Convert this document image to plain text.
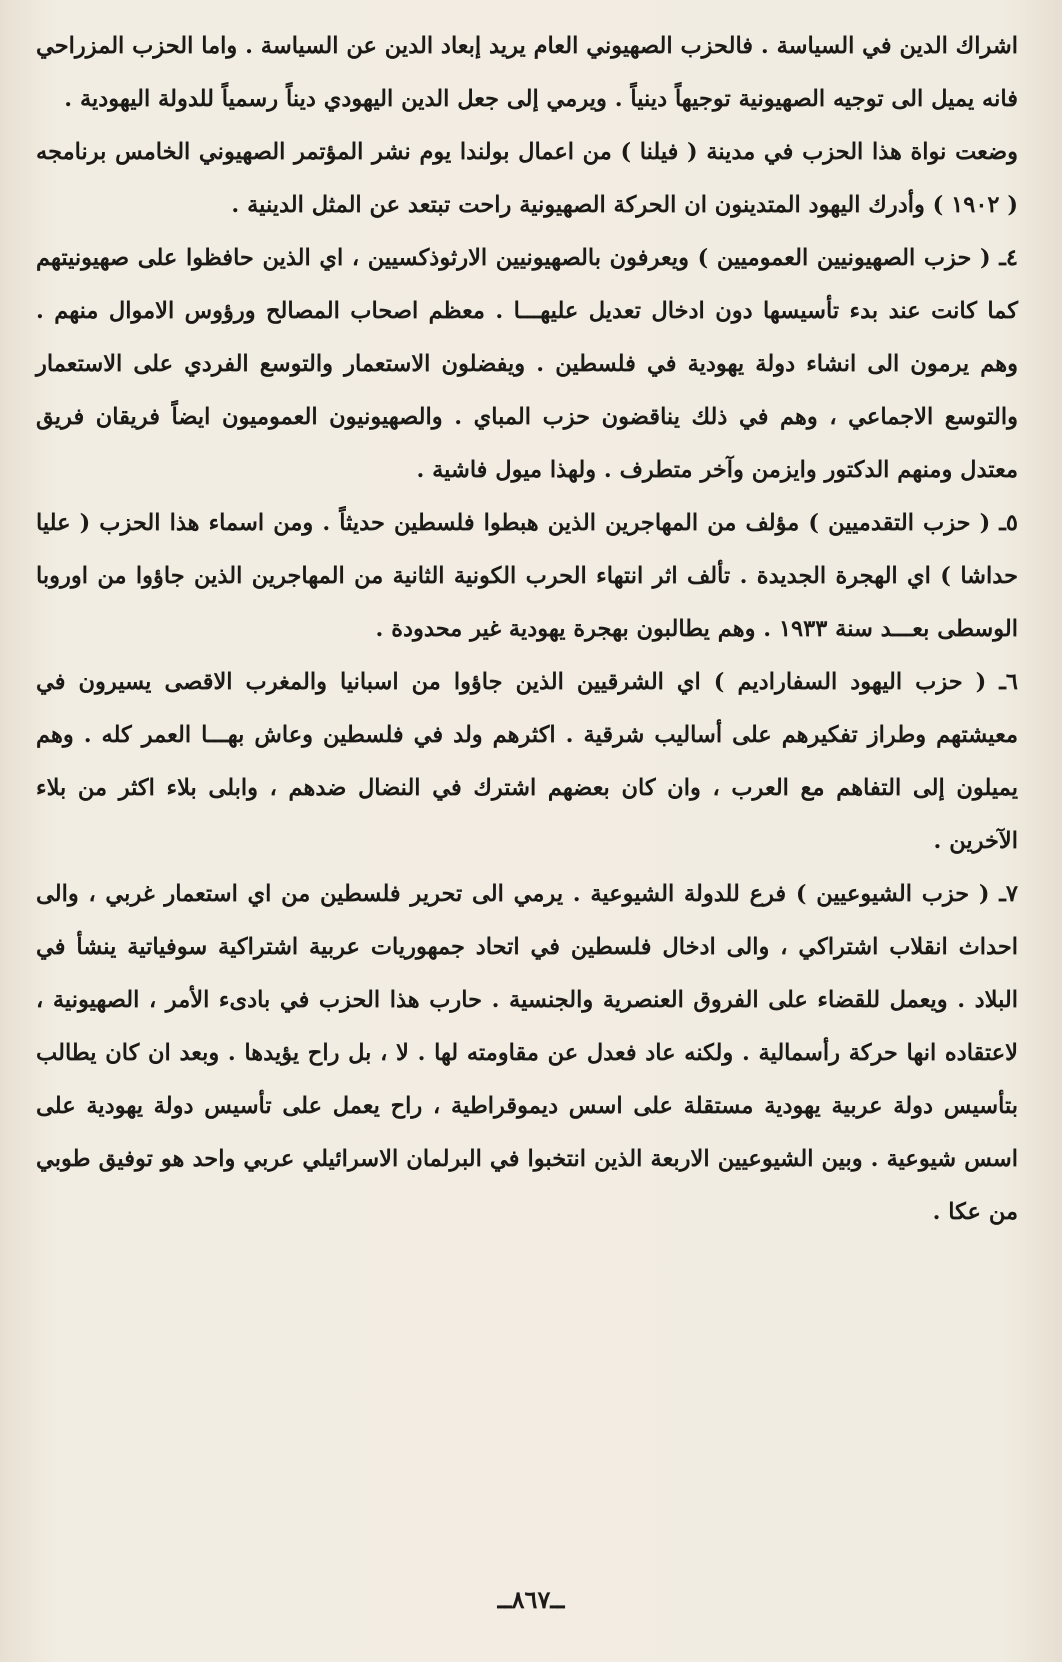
اشراك الدين في السياسة . فالحزب الصهيوني العام يريد إبعاد الدين عن السياسة . واما الحزب المزراحي فانه يميل الى توجيه الصهيونية توجيهاً دينياً . ويرمي إلى جعل الدين اليهودي ديناً رسمياً للدولة اليهودية .

وضعت نواة هذا الحزب في مدينة ( فيلنا ) من اعمال بولندا يوم نشر المؤتمر الصهيوني الخامس برنامجه ( ١٩٠٢ ) وأدرك اليهود المتدينون ان الحركة الصهيونية راحت تبتعد عن المثل الدينية .

٤ـ ( حزب الصهيونيين العموميين ) ويعرفون بالصهيونيين الارثوذكسيين ، اي الذين حافظوا على صهيونيتهم كما كانت عند بدء تأسيسها دون ادخال تعديل عليهـــا . معظم اصحاب المصالح ورؤوس الاموال منهم . وهم يرمون الى انشاء دولة يهودية في فلسطين . ويفضلون الاستعمار والتوسع الفردي على الاستعمار والتوسع الاجماعي ، وهم في ذلك يناقضون حزب المباي . والصهيونيون العموميون ايضاً فريقان فريق معتدل ومنهم الدكتور وايزمن وآخر متطرف . ولهذا ميول فاشية .

٥ـ ( حزب التقدميين ) مؤلف من المهاجرين الذين هبطوا فلسطين حديثاً . ومن اسماء هذا الحزب ( عليا حداشا ) اي الهجرة الجديدة . تألف اثر انتهاء الحرب الكونية الثانية من المهاجرين الذين جاؤوا من اوروبا الوسطى بعـــد سنة ١٩٣٣ . وهم يطالبون بهجرة يهودية غير محدودة .

٦ـ ( حزب اليهود السفاراديم ) اي الشرقيين الذين جاؤوا من اسبانيا والمغرب الاقصى يسيرون في معيشتهم وطراز تفكيرهم على أساليب شرقية . اكثرهم ولد في فلسطين وعاش بهـــا العمر كله . وهم يميلون إلى التفاهم مع العرب ، وان كان بعضهم اشترك في النضال ضدهم ، وابلى بلاء اكثر من بلاء الآخرين .

٧ـ ( حزب الشيوعيين ) فرع للدولة الشيوعية . يرمي الى تحرير فلسطين من اي استعمار غربي ، والى احداث انقلاب اشتراكي ، والى ادخال فلسطين في اتحاد جمهوريات عربية اشتراكية سوفياتية ينشأ في البلاد . ويعمل للقضاء على الفروق العنصرية والجنسية . حارب هذا الحزب في بادىء الأمر ، الصهيونية ، لاعتقاده انها حركة رأسمالية . ولكنه عاد فعدل عن مقاومته لها . لا ، بل راح يؤيدها . وبعد ان كان يطالب بتأسيس دولة عربية يهودية مستقلة على اسس ديموقراطية ، راح يعمل على تأسيس دولة يهودية على اسس شيوعية . وبين الشيوعيين الاربعة الذين انتخبوا في البرلمان الاسرائيلي عربي واحد هو توفيق طوبي من عكا .

ــ٨٦٧ــ
